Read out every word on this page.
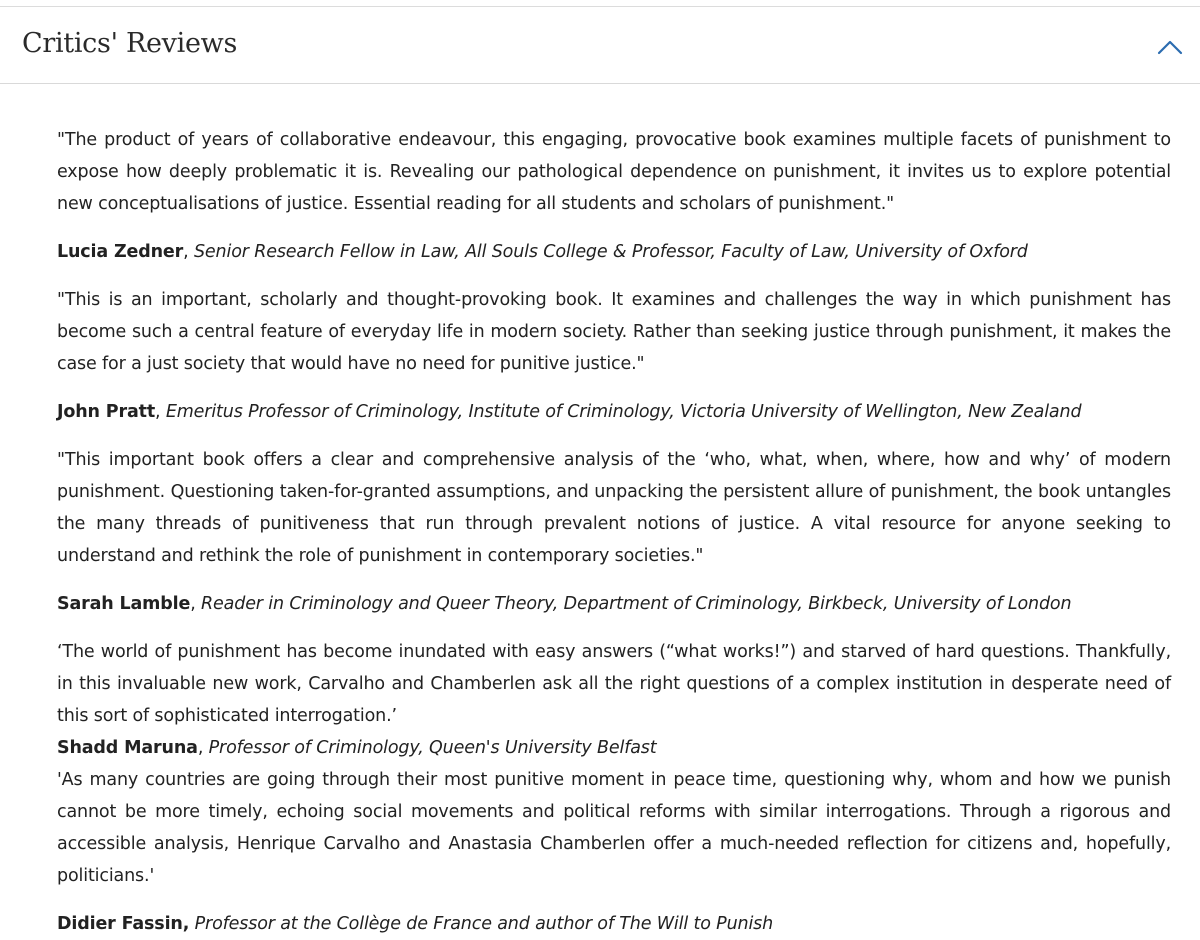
Critics' Reviews

"The product of years of collaborative endeavour, this engaging, provocative book examines multiple facets of punishment to expose how deeply problematic it is. Revealing our pathological dependence on punishment, it invites us to explore potential new conceptualisations of justice. Essential reading for all students and scholars of punishment."

Lucia Zedner, Senior Research Fellow in Law, All Souls College & Professor, Faculty of Law, University of Oxford

"This is an important, scholarly and thought-provoking book. It examines and challenges the way in which punishment has become such a central feature of everyday life in modern society. Rather than seeking justice through punishment, it makes the case for a just society that would have no need for punitive justice."

John Pratt, Emeritus Professor of Criminology, Institute of Criminology, Victoria University of Wellington, New Zealand

"This important book offers a clear and comprehensive analysis of the ‘who, what, when, where, how and why’ of modern punishment. Questioning taken-for-granted assumptions, and unpacking the persistent allure of punishment, the book untangles the many threads of punitiveness that run through prevalent notions of justice. A vital resource for anyone seeking to understand and rethink the role of punishment in contemporary societies."

Sarah Lamble, Reader in Criminology and Queer Theory, Department of Criminology, Birkbeck, University of London

‘The world of punishment has become inundated with easy answers (“what works!”) and starved of hard questions. Thankfully, in this invaluable new work, Carvalho and Chamberlen ask all the right questions of a complex institution in desperate need of this sort of sophisticated interrogation.’

Shadd Maruna, Professor of Criminology, Queen's University Belfast

'As many countries are going through their most punitive moment in peace time, questioning why, whom and how we punish cannot be more timely, echoing social movements and political reforms with similar interrogations. Through a rigorous and accessible analysis, Henrique Carvalho and Anastasia Chamberlen offer a much-needed reflection for citizens and, hopefully, politicians.'

Didier Fassin, Professor at the Collège de France and author of The Will to Punish
